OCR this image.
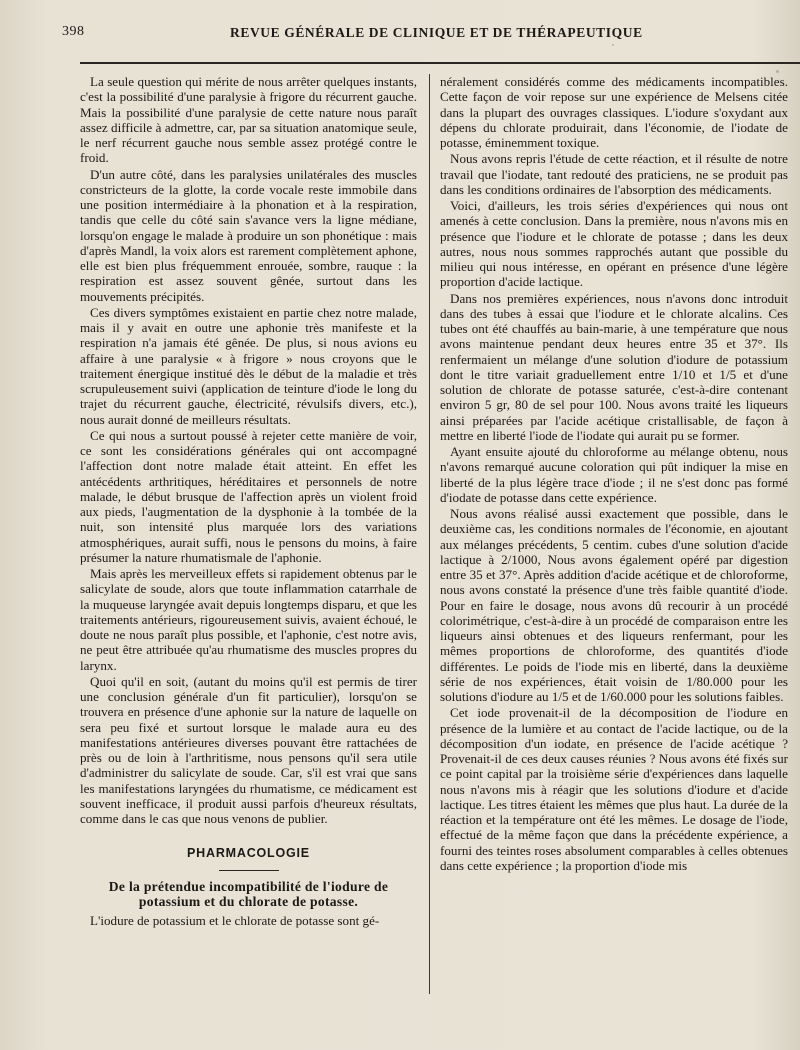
398	REVUE GÉNÉRALE DE CLINIQUE ET DE THÉRAPEUTIQUE

La seule question qui mérite de nous arrêter quelques instants, c'est la possibilité d'une paralysie à frigore du récurrent gauche. Mais la possibilité d'une paralysie de cette nature nous paraît assez difficile à admettre, car, par sa situation anatomique seule, le nerf récurrent gauche nous semble assez protégé contre le froid.

D'un autre côté, dans les paralysies unilatérales des muscles constricteurs de la glotte, la corde vocale reste immobile dans une position intermédiaire à la phonation et à la respiration, tandis que celle du côté sain s'avance vers la ligne médiane, lorsqu'on engage le malade à produire un son phonétique : mais d'après Mandl, la voix alors est rarement complètement aphone, elle est bien plus fréquemment enrouée, sombre, rauque : la respiration est assez souvent gênée, surtout dans les mouvements précipités.

Ces divers symptômes existaient en partie chez notre malade, mais il y avait en outre une aphonie très manifeste et la respiration n'a jamais été gênée. De plus, si nous avions eu affaire à une paralysie « à frigore » nous croyons que le traitement énergique institué dès le début de la maladie et très scrupuleusement suivi (application de teinture d'iode le long du trajet du récurrent gauche, électricité, révulsifs divers, etc.), nous aurait donné de meilleurs résultats.

Ce qui nous a surtout poussé à rejeter cette manière de voir, ce sont les considérations générales qui ont accompagné l'affection dont notre malade était atteint. En effet les antécédents arthritiques, héréditaires et personnels de notre malade, le début brusque de l'affection après un violent froid aux pieds, l'augmentation de la dysphonie à la tombée de la nuit, son intensité plus marquée lors des variations atmosphériques, aurait suffi, nous le pensons du moins, à faire présumer la nature rhumatismale de l'aphonie.

Mais après les merveilleux effets si rapidement obtenus par le salicylate de soude, alors que toute inflammation catarrhale de la muqueuse laryngée avait depuis longtemps disparu, et que les traitements antérieurs, rigoureusement suivis, avaient échoué, le doute ne nous paraît plus possible, et l'aphonie, c'est notre avis, ne peut être attribuée qu'au rhumatisme des muscles propres du larynx.

Quoi qu'il en soit, (autant du moins qu'il est permis de tirer une conclusion générale d'un fit particulier), lorsqu'on se trouvera en présence d'une aphonie sur la nature de laquelle on sera peu fixé et surtout lorsque le malade aura eu des manifestations antérieures diverses pouvant être rattachées de près ou de loin à l'arthritisme, nous pensons qu'il sera utile d'administrer du salicylate de soude. Car, s'il est vrai que sans les manifestations laryngées du rhumatisme, ce médicament est souvent inefficace, il produit aussi parfois d'heureux résultats, comme dans le cas que nous venons de publier.

PHARMACOLOGIE
De la prétendue incompatibilité de l'iodure de potassium et du chlorate de potasse.

L'iodure de potassium et le chlorate de potasse sont gé-

néralement considérés comme des médicaments incompatibles. Cette façon de voir repose sur une expérience de Melsens citée dans la plupart des ouvrages classiques. L'iodure s'oxydant aux dépens du chlorate produirait, dans l'économie, de l'iodate de potasse, éminemment toxique.

Nous avons repris l'étude de cette réaction, et il résulte de notre travail que l'iodate, tant redouté des praticiens, ne se produit pas dans les conditions ordinaires de l'absorption des médicaments.

Voici, d'ailleurs, les trois séries d'expériences qui nous ont amenés à cette conclusion. Dans la première, nous n'avons mis en présence que l'iodure et le chlorate de potasse ; dans les deux autres, nous nous sommes rapprochés autant que possible du milieu qui nous intéresse, en opérant en présence d'une légère proportion d'acide lactique.

Dans nos premières expériences, nous n'avons donc introduit dans des tubes à essai que l'iodure et le chlorate alcalins. Ces tubes ont été chauffés au bain-marie, à une température que nous avons maintenue pendant deux heures entre 35 et 37°. Ils renfermaient un mélange d'une solution d'iodure de potassium dont le titre variait graduellement entre 1/10 et 1/5 et d'une solution de chlorate de potasse saturée, c'est-à-dire contenant environ 5 gr, 80 de sel pour 100. Nous avons traité les liqueurs ainsi préparées par l'acide acétique cristallisable, de façon à mettre en liberté l'iode de l'iodate qui aurait pu se former.

Ayant ensuite ajouté du chloroforme au mélange obtenu, nous n'avons remarqué aucune coloration qui pût indiquer la mise en liberté de la plus légère trace d'iode ; il ne s'est donc pas formé d'iodate de potasse dans cette expérience.

Nous avons réalisé aussi exactement que possible, dans le deuxième cas, les conditions normales de l'économie, en ajoutant aux mélanges précédents, 5 centim. cubes d'une solution d'acide lactique à 2/1000, Nous avons également opéré par digestion entre 35 et 37°. Après addition d'acide acétique et de chloroforme, nous avons constaté la présence d'une très faible quantité d'iode. Pour en faire le dosage, nous avons dû recourir à un procédé colorimétrique, c'est-à-dire à un procédé de comparaison entre les liqueurs ainsi obtenues et des liqueurs renfermant, pour les mêmes proportions de chloroforme, des quantités d'iode différentes. Le poids de l'iode mis en liberté, dans la deuxième série de nos expériences, était voisin de 1/80.000 pour les solutions d'iodure au 1/5 et de 1/60.000 pour les solutions faibles.

Cet iode provenait-il de la décomposition de l'iodure en présence de la lumière et au contact de l'acide lactique, ou de la décomposition d'un iodate, en présence de l'acide acétique ? Provenait-il de ces deux causes réunies ? Nous avons été fixés sur ce point capital par la troisième série d'expériences dans laquelle nous n'avons mis à réagir que les solutions d'iodure et d'acide lactique. Les titres étaient les mêmes que plus haut. La durée de la réaction et la température ont été les mêmes. Le dosage de l'iode, effectué de la même façon que dans la précédente expérience, a fourni des teintes roses absolument comparables à celles obtenues dans cette expérience ; la proportion d'iode mis
